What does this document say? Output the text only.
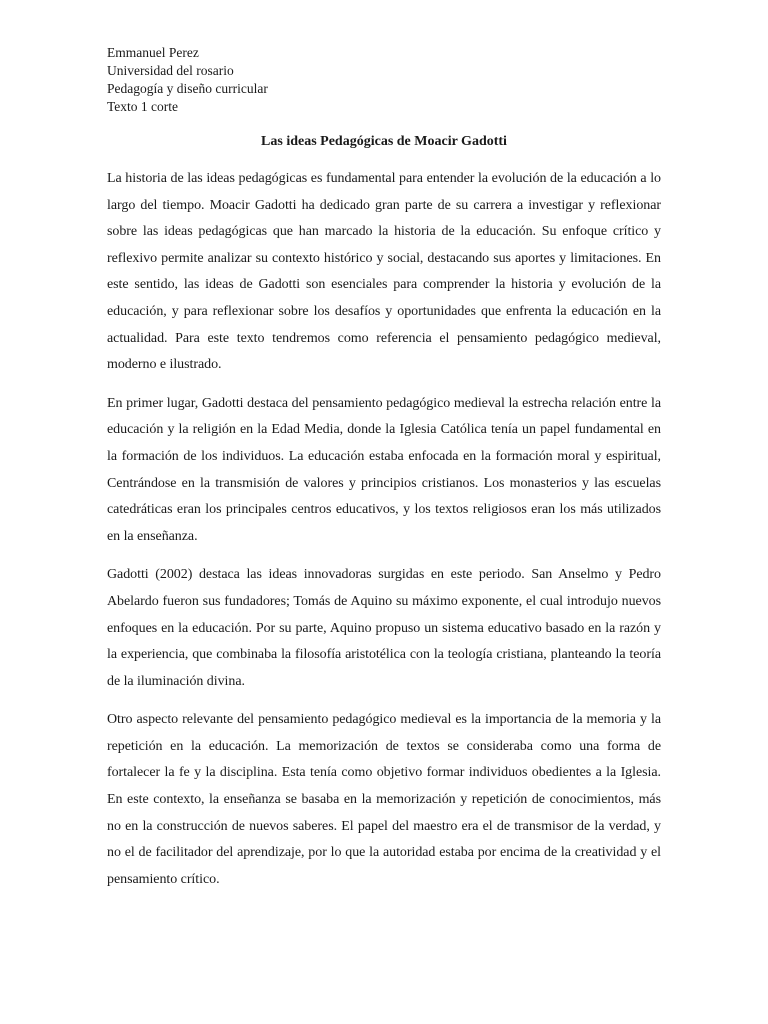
Emmanuel Perez
Universidad del rosario
Pedagogía y diseño curricular
Texto 1 corte
Las ideas Pedagógicas de Moacir Gadotti

La historia de las ideas pedagógicas es fundamental para entender la evolución de la educación a lo largo del tiempo. Moacir Gadotti ha dedicado gran parte de su carrera a investigar y reflexionar sobre las ideas pedagógicas que han marcado la historia de la educación. Su enfoque crítico y reflexivo permite analizar su contexto histórico y social, destacando sus aportes y limitaciones. En este sentido, las ideas de Gadotti son esenciales para comprender la historia y evolución de la educación, y para reflexionar sobre los desafíos y oportunidades que enfrenta la educación en la actualidad. Para este texto tendremos como referencia el pensamiento pedagógico medieval, moderno e ilustrado.

En primer lugar, Gadotti destaca del pensamiento pedagógico medieval la estrecha relación entre la educación y la religión en la Edad Media, donde la Iglesia Católica tenía un papel fundamental en la formación de los individuos. La educación estaba enfocada en la formación moral y espiritual, Centrándose en la transmisión de valores y principios cristianos. Los monasterios y las escuelas catedráticas eran los principales centros educativos, y los textos religiosos eran los más utilizados en la enseñanza.

Gadotti (2002) destaca las ideas innovadoras surgidas en este periodo. San Anselmo y Pedro Abelardo fueron sus fundadores; Tomás de Aquino su máximo exponente, el cual introdujo nuevos enfoques en la educación. Por su parte, Aquino propuso un sistema educativo basado en la razón y la experiencia, que combinaba la filosofía aristotélica con la teología cristiana, planteando la teoría de la iluminación divina.

Otro aspecto relevante del pensamiento pedagógico medieval es la importancia de la memoria y la repetición en la educación. La memorización de textos se consideraba como una forma de fortalecer la fe y la disciplina. Esta tenía como objetivo formar individuos obedientes a la Iglesia. En este contexto, la enseñanza se basaba en la memorización y repetición de conocimientos, más no en la construcción de nuevos saberes. El papel del maestro era el de transmisor de la verdad, y no el de facilitador del aprendizaje, por lo que la autoridad estaba por encima de la creatividad y el pensamiento crítico.
